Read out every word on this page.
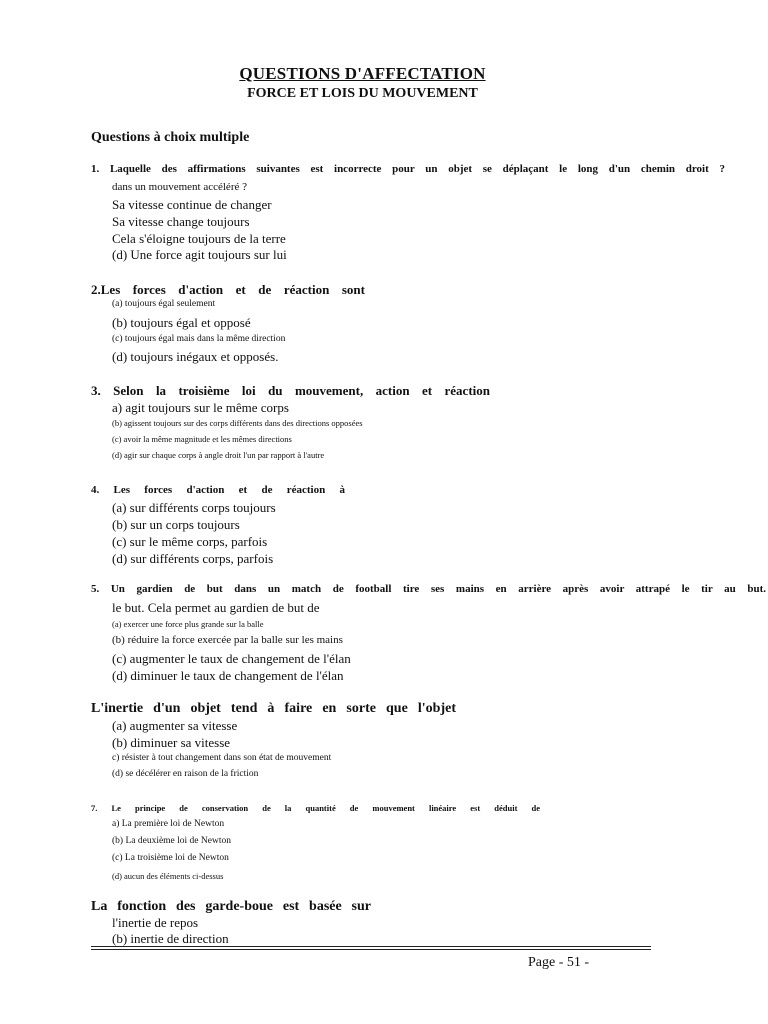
QUESTIONS D'AFFECTATION
FORCE ET LOIS DU MOUVEMENT
Questions à choix multiple
1. Laquelle des affirmations suivantes est incorrecte pour un objet se déplaçant le long d'un chemin droit ?
dans un mouvement accéléré ?
Sa vitesse continue de changer
Sa vitesse change toujours
Cela s'éloigne toujours de la terre
(d) Une force agit toujours sur lui
2.Les forces d'action et de réaction sont
(a) toujours égal seulement
(b) toujours égal et opposé
(c) toujours égal mais dans la même direction
(d) toujours inégaux et opposés.
3. Selon la troisième loi du mouvement, action et réaction
a) agit toujours sur le même corps
(b) agissent toujours sur des corps différents dans des directions opposées
(c) avoir la même magnitude et les mêmes directions
(d) agir sur chaque corps à angle droit l'un par rapport à l'autre
4. Les forces d'action et de réaction à
(a) sur différents corps toujours
(b) sur un corps toujours
(c) sur le même corps, parfois
(d) sur différents corps, parfois
5. Un gardien de but dans un match de football tire ses mains en arrière après avoir attrapé le tir au but.
le but. Cela permet au gardien de but de
(a) exercer une force plus grande sur la balle
(b) réduire la force exercée par la balle sur les mains
(c) augmenter le taux de changement de l'élan
(d) diminuer le taux de changement de l'élan
L'inertie d'un objet tend à faire en sorte que l'objet
(a) augmenter sa vitesse
(b) diminuer sa vitesse
c) résister à tout changement dans son état de mouvement
(d) se décélérer en raison de la friction
7. Le principe de conservation de la quantité de mouvement linéaire est déduit de
a) La première loi de Newton
(b) La deuxième loi de Newton
(c) La troisième loi de Newton
(d) aucun des éléments ci-dessus
La fonction des garde-boue est basée sur
l'inertie de repos
(b) inertie de direction
Page - 51 -
